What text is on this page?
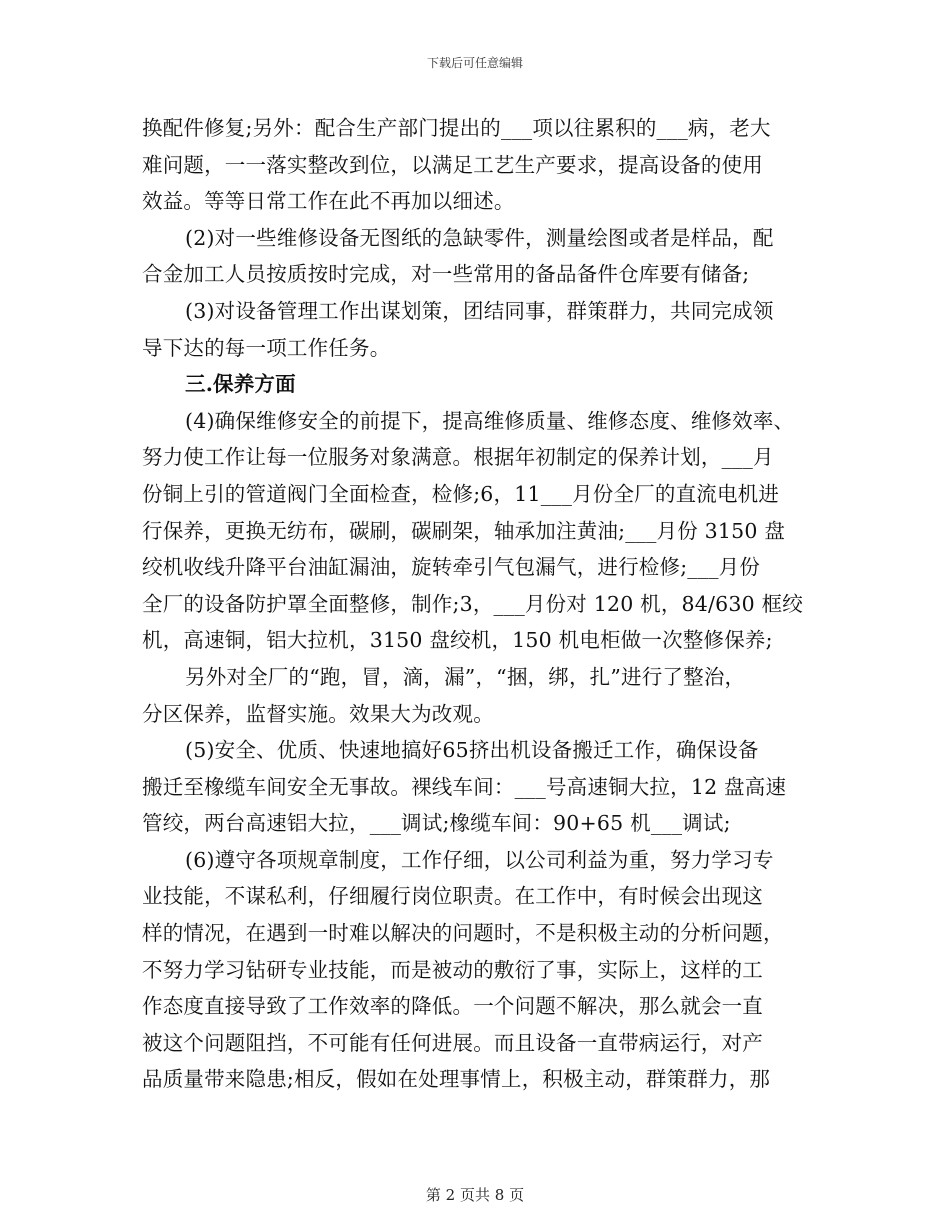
下载后可任意编辑
换配件修复;另外：配合生产部门提出的___项以往累积的___病，老大
难问题，一一落实整改到位，以满足工艺生产要求，提高设备的使用
效益。等等日常工作在此不再加以细述。
(2)对一些维修设备无图纸的急缺零件，测量绘图或者是样品，配
合金加工人员按质按时完成，对一些常用的备品备件仓库要有储备;
(3)对设备管理工作出谋划策，团结同事，群策群力，共同完成领
导下达的每一项工作任务。
三.保养方面
(4)确保维修安全的前提下，提高维修质量、维修态度、维修效率、
努力使工作让每一位服务对象满意。根据年初制定的保养计划，___月
份铜上引的管道阀门全面检查，检修;6，11___月份全厂的直流电机进
行保养，更换无纺布，碳刷，碳刷架，轴承加注黄油;___月份 3150 盘
绞机收线升降平台油缸漏油，旋转牵引气包漏气，进行检修;___月份
全厂的设备防护罩全面整修，制作;3，___月份对 120 机，84/630 框绞
机，高速铜，铝大拉机，3150 盘绞机，150 机电柜做一次整修保养;
另外对全厂的“跑，冒，滴，漏”，“捆，绑，扎”进行了整治，
分区保养，监督实施。效果大为改观。
(5)安全、优质、快速地搞好65挤出机设备搬迁工作，确保设备
搬迁至橡缆车间安全无事故。裸线车间：___号高速铜大拉，12 盘高速
管绞，两台高速铝大拉，___调试;橡缆车间：90+65 机___调试;
(6)遵守各项规章制度，工作仔细，以公司利益为重，努力学习专
业技能，不谋私利，仔细履行岗位职责。在工作中，有时候会出现这
样的情况，在遇到一时难以解决的问题时，不是积极主动的分析问题，
不努力学习钻研专业技能，而是被动的敷衍了事，实际上，这样的工
作态度直接导致了工作效率的降低。一个问题不解决，那么就会一直
被这个问题阻挡，不可能有任何进展。而且设备一直带病运行，对产
品质量带来隐患;相反，假如在处理事情上，积极主动，群策群力，那
第 2 页共 8 页
